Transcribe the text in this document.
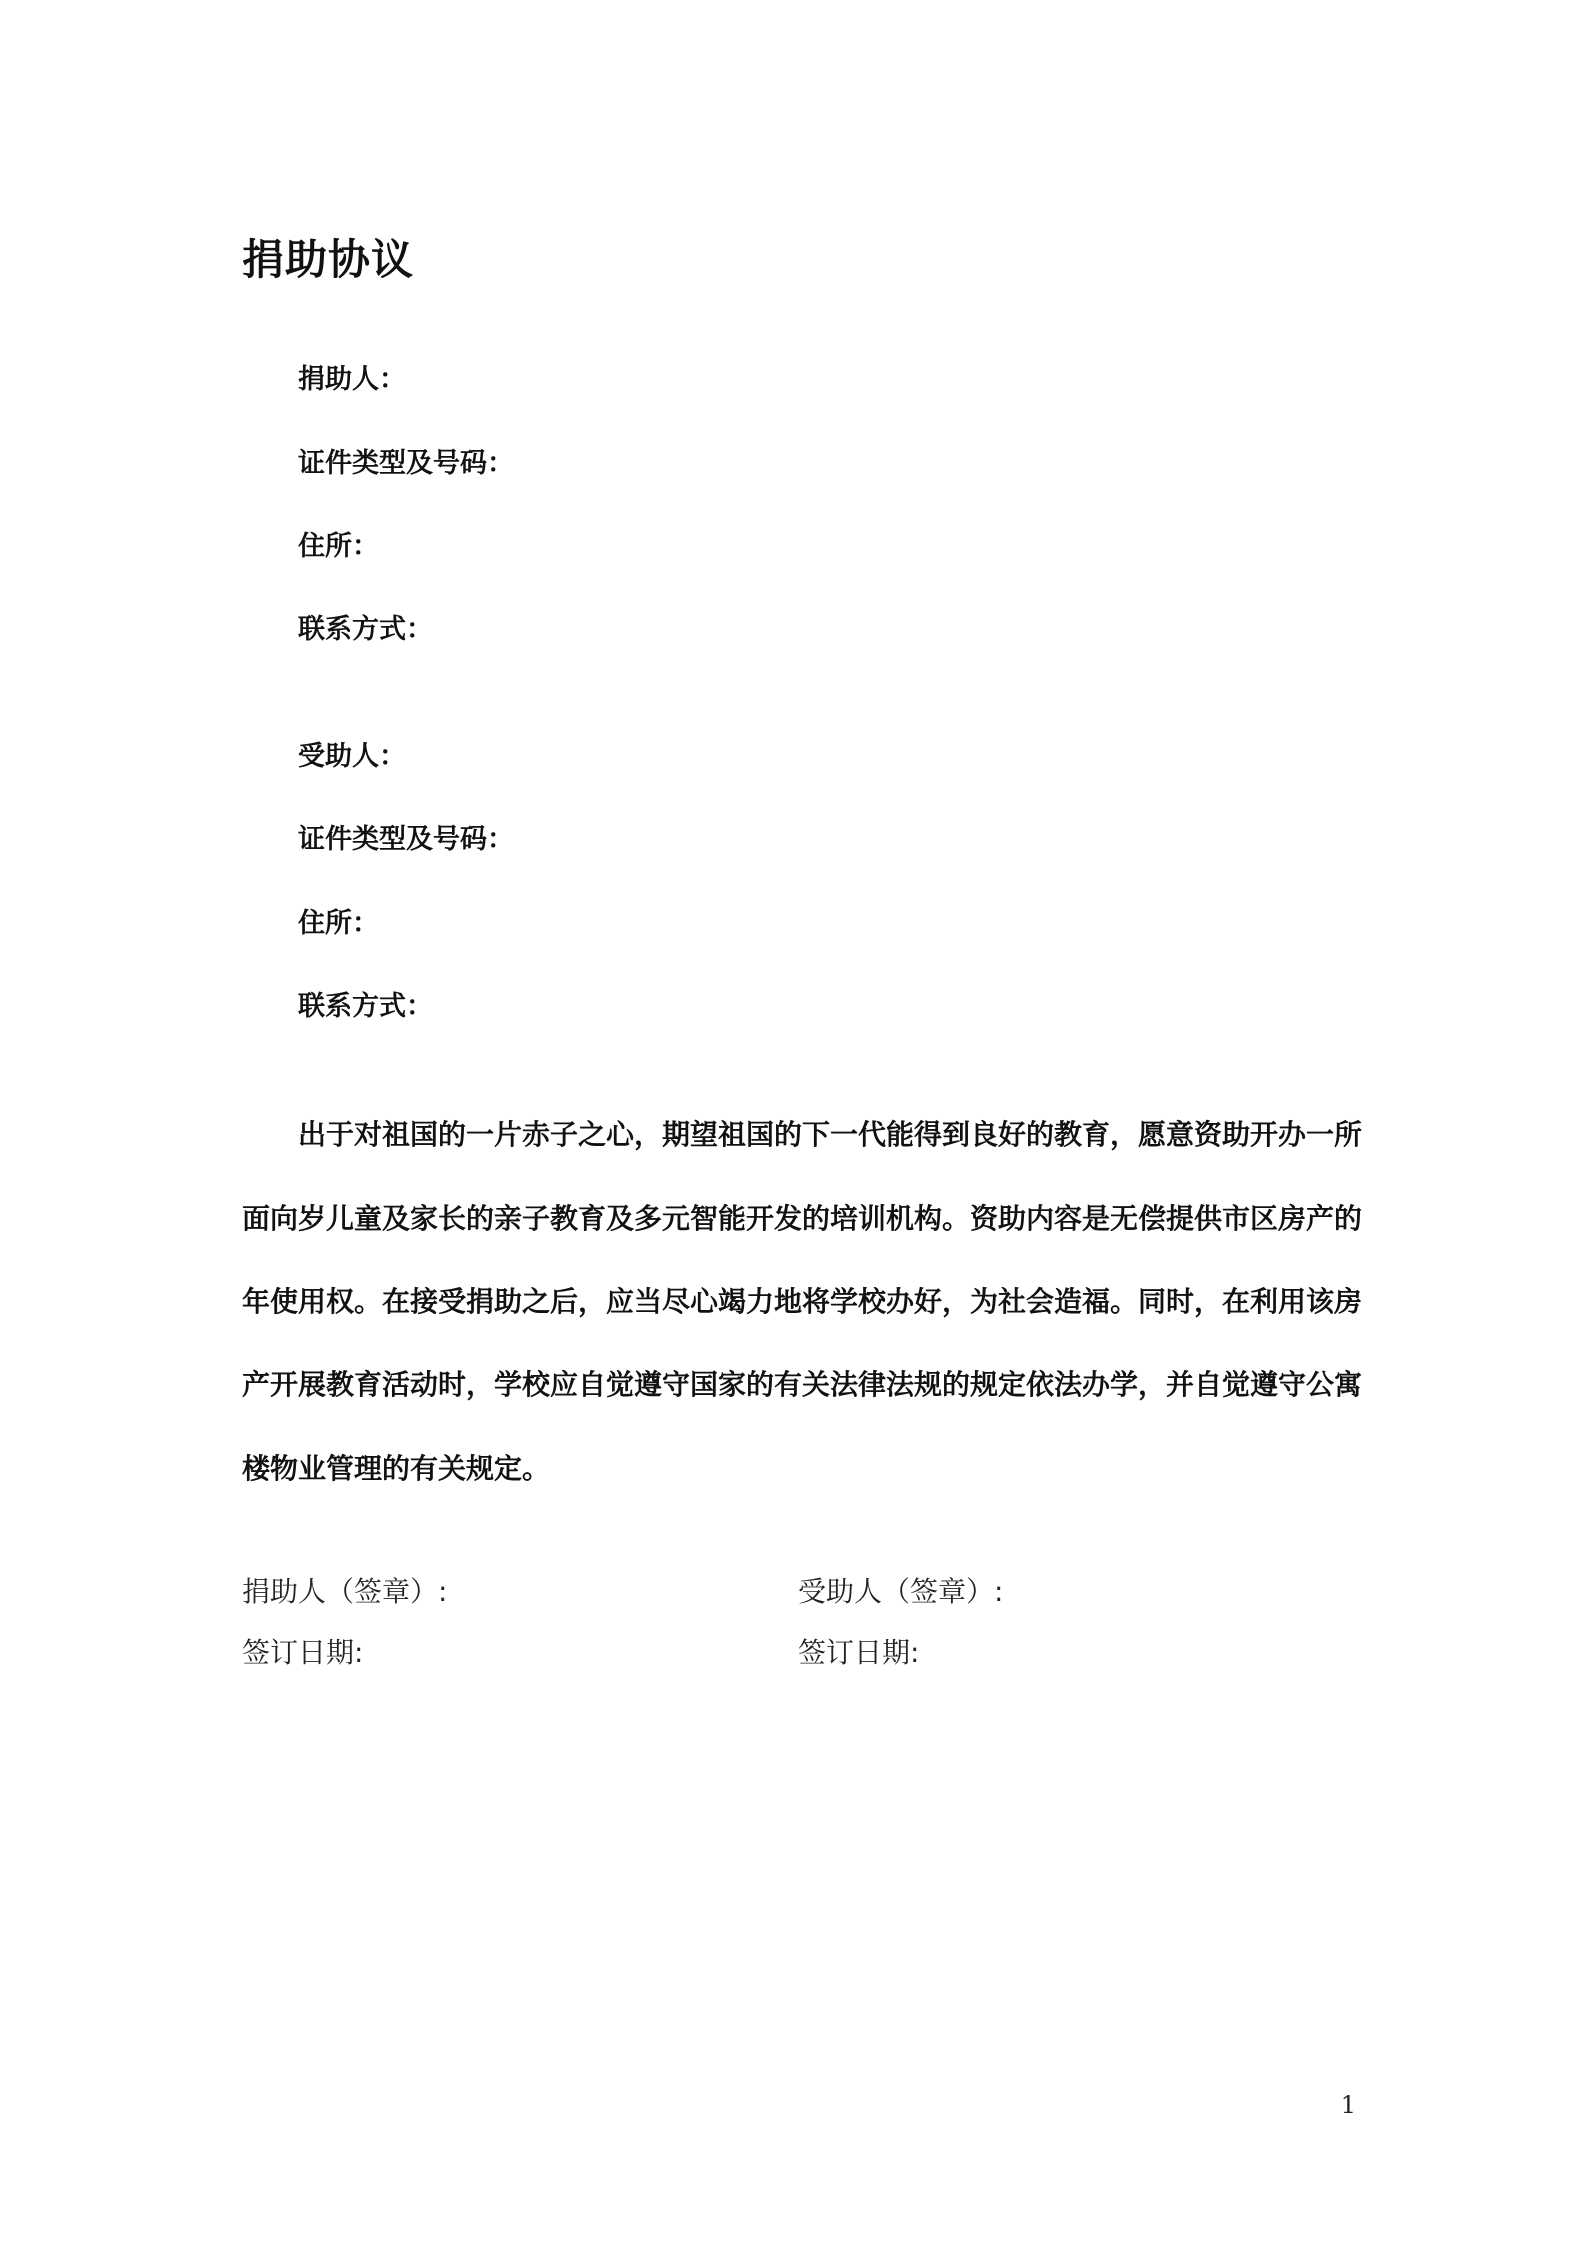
捐助协议
捐助人：
证件类型及号码：
住所：
联系方式：
受助人：
证件类型及号码：
住所：
联系方式：
出于对祖国的一片赤子之心，期望祖国的下一代能得到良好的教育，愿意资助开办一所
面向岁儿童及家长的亲子教育及多元智能开发的培训机构。资助内容是无偿提供市区房产的
年使用权。在接受捐助之后，应当尽心竭力地将学校办好，为社会造福。同时，在利用该房
产开展教育活动时，学校应自觉遵守国家的有关法律法规的规定依法办学，并自觉遵守公寓
楼物业管理的有关规定。
捐助人（签章）:	受助人（签章）:
签订日期:	签订日期:
1
